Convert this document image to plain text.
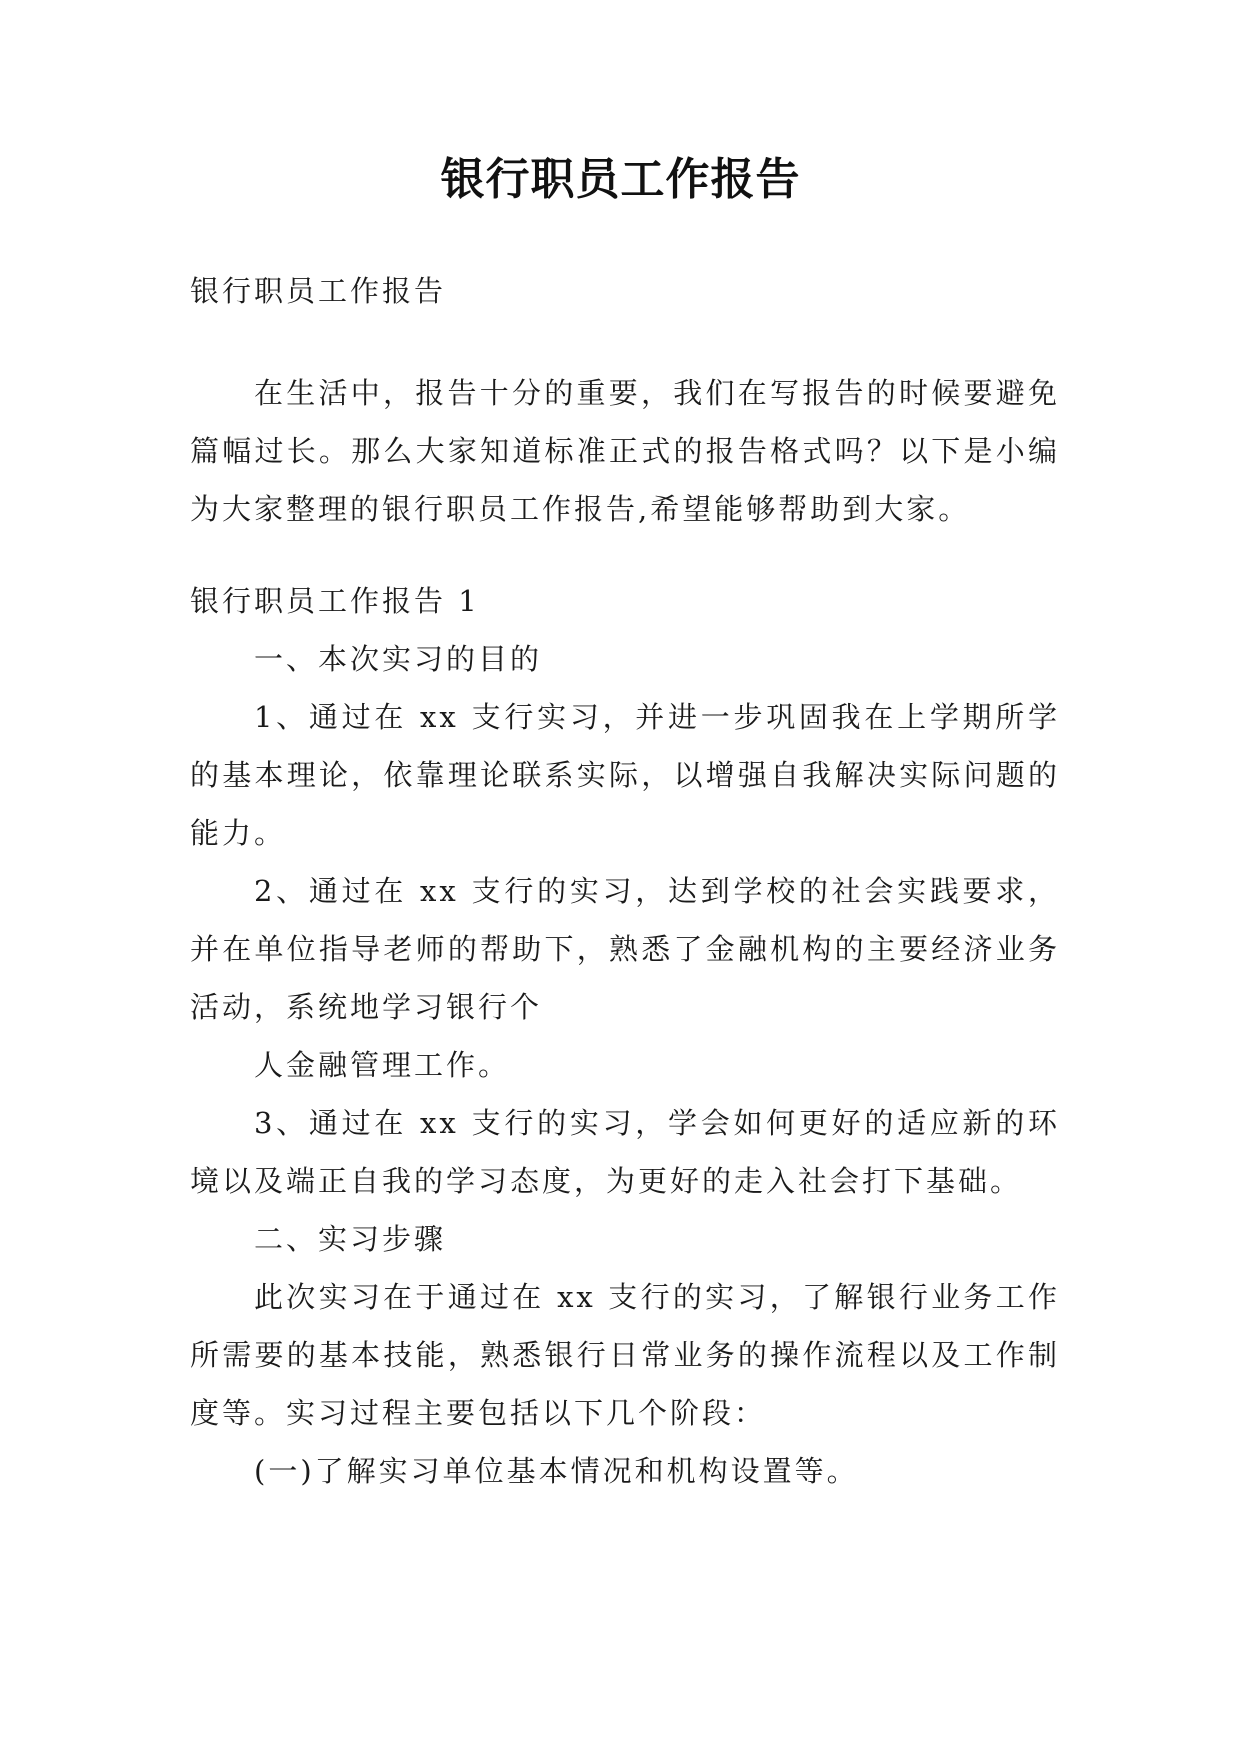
银行职员工作报告

银行职员工作报告

在生活中，报告十分的重要，我们在写报告的时候要避免篇幅过长。那么大家知道标准正式的报告格式吗？以下是小编为大家整理的银行职员工作报告,希望能够帮助到大家。

银行职员工作报告 1

一、本次实习的目的

1、通过在 xx 支行实习，并进一步巩固我在上学期所学的基本理论，依靠理论联系实际，以增强自我解决实际问题的能力。

2、通过在 xx 支行的实习，达到学校的社会实践要求，并在单位指导老师的帮助下，熟悉了金融机构的主要经济业务活动，系统地学习银行个

人金融管理工作。

3、通过在 xx 支行的实习，学会如何更好的适应新的环境以及端正自我的学习态度，为更好的走入社会打下基础。

二、实习步骤

此次实习在于通过在 xx 支行的实习，了解银行业务工作所需要的基本技能，熟悉银行日常业务的操作流程以及工作制度等。实习过程主要包括以下几个阶段：

(一)了解实习单位基本情况和机构设置等。
